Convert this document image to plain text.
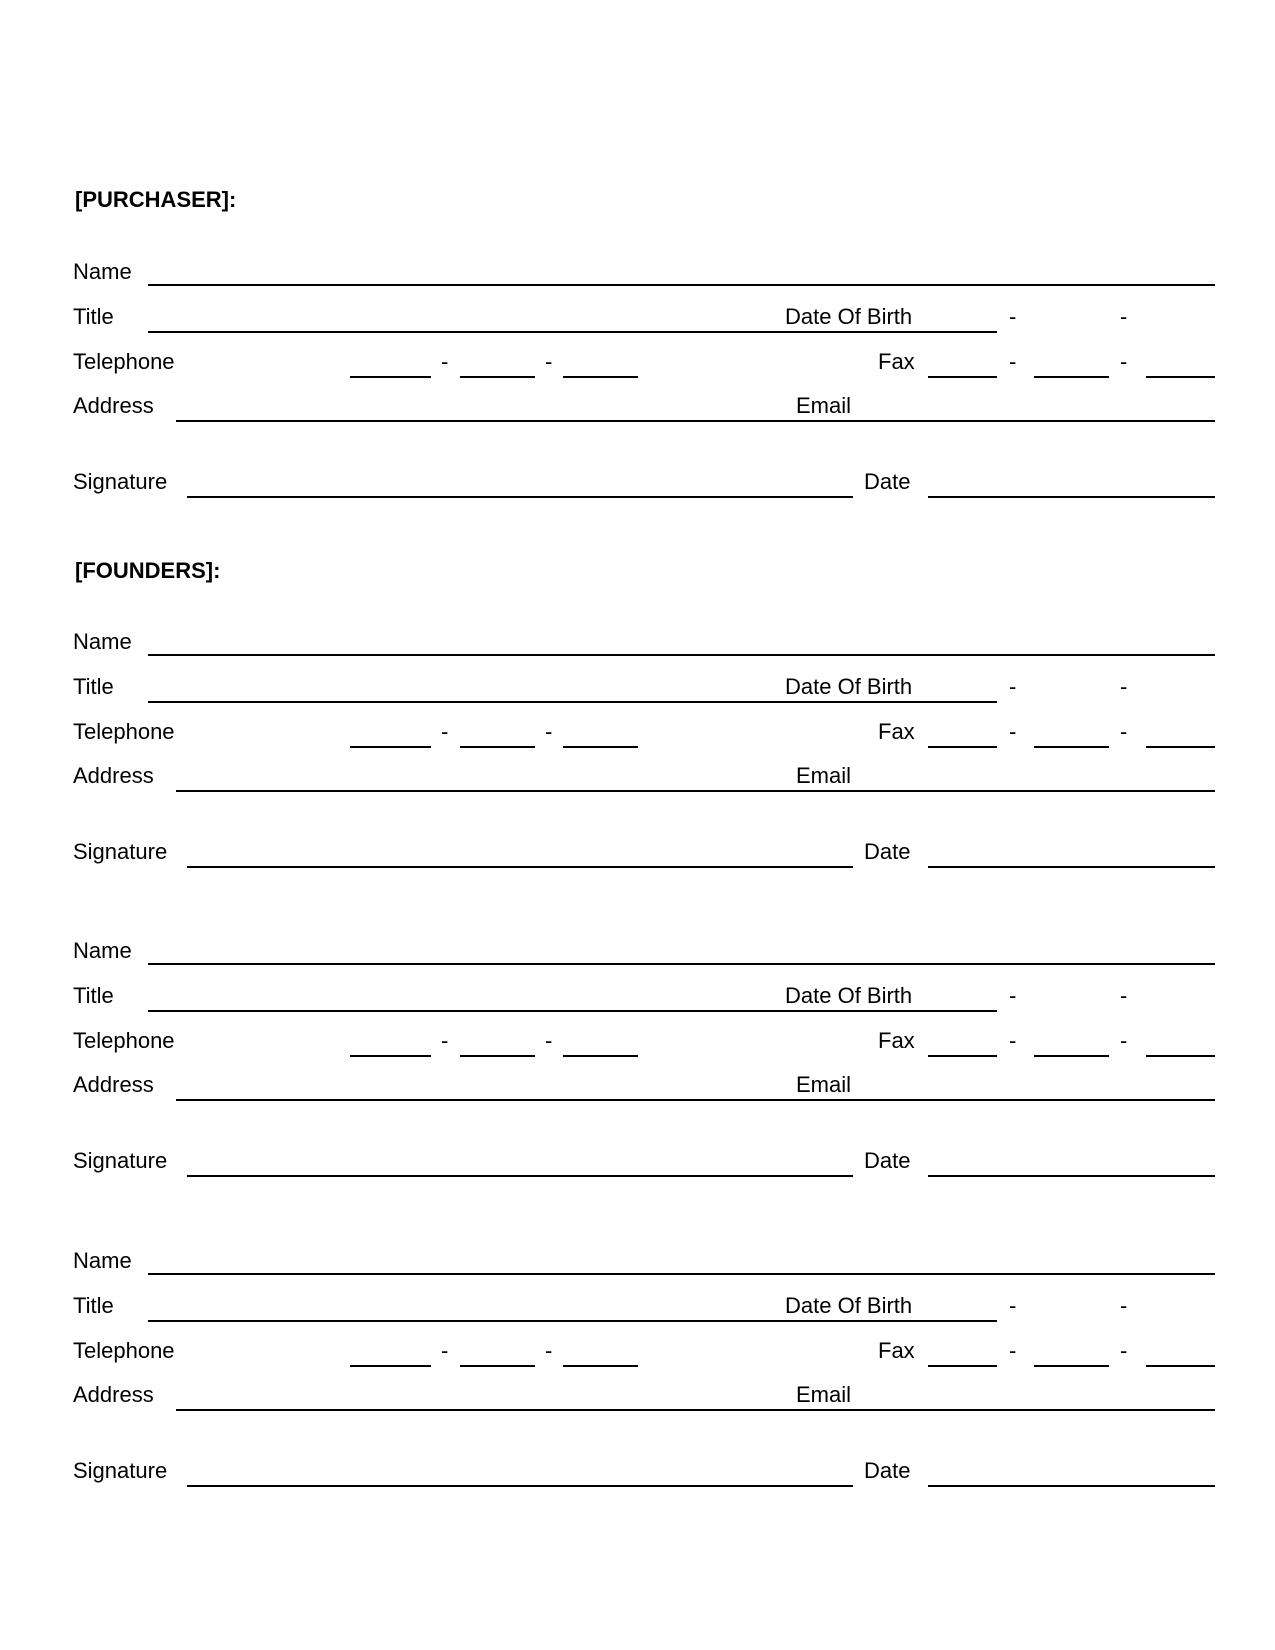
[PURCHASER]:
[FOUNDERS]:
Name
Title	Date Of Birth	-	-
Telephone	-	-	Fax	-	-
Address	Email
Signature	Date
Name
Title	Date Of Birth	-	-
Telephone	-	-	Fax	-	-
Address	Email
Signature	Date
Name
Title	Date Of Birth	-	-
Telephone	-	-	Fax	-	-
Address	Email
Signature	Date
Name
Title	Date Of Birth	-	-
Telephone	-	-	Fax	-	-
Address	Email
Signature	Date
